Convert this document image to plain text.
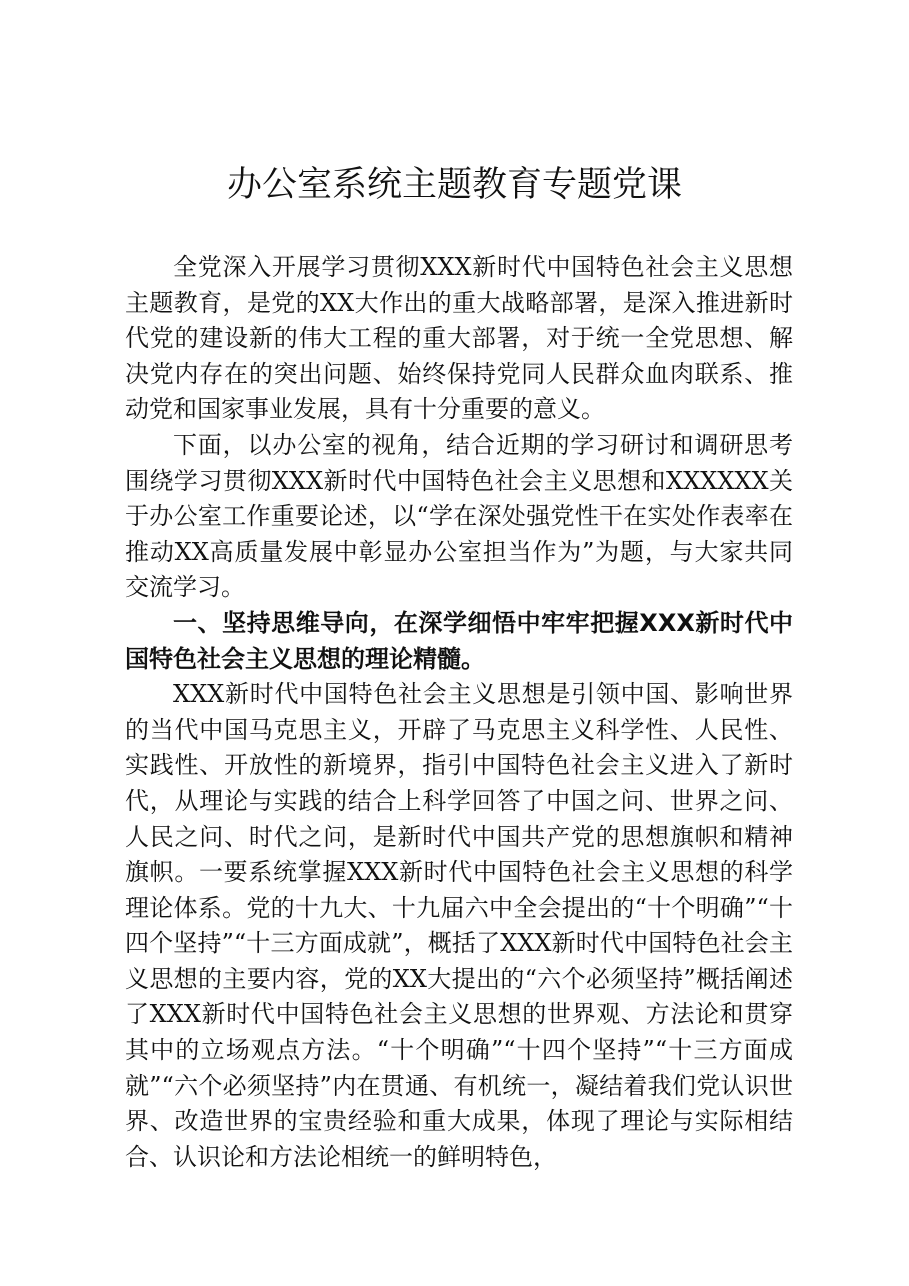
办公室系统主题教育专题党课

全党深入开展学习贯彻XXX新时代中国特色社会主义思想主题教育，是党的XX大作出的重大战略部署，是深入推进新时代党的建设新的伟大工程的重大部署，对于统一全党思想、解决党内存在的突出问题、始终保持党同人民群众血肉联系、推动党和国家事业发展，具有十分重要的意义。

下面，以办公室的视角，结合近期的学习研讨和调研思考围绕学习贯彻XXX新时代中国特色社会主义思想和XXXXXX关于办公室工作重要论述，以“学在深处强党性干在实处作表率在推动XX高质量发展中彰显办公室担当作为”为题，与大家共同交流学习。

一、坚持思维导向，在深学细悟中牢牢把握XXX新时代中国特色社会主义思想的理论精髓。

XXX新时代中国特色社会主义思想是引领中国、影响世界的当代中国马克思主义，开辟了马克思主义科学性、人民性、实践性、开放性的新境界，指引中国特色社会主义进入了新时代，从理论与实践的结合上科学回答了中国之问、世界之问、人民之问、时代之问，是新时代中国共产党的思想旗帜和精神旗帜。一要系统掌握XXX新时代中国特色社会主义思想的科学理论体系。党的十九大、十九届六中全会提出的“十个明确”“十四个坚持”“十三方面成就”，概括了XXX新时代中国特色社会主义思想的主要内容，党的XX大提出的“六个必须坚持”概括阐述了XXX新时代中国特色社会主义思想的世界观、方法论和贯穿其中的立场观点方法。“十个明确”“十四个坚持”“十三方面成就”“六个必须坚持”内在贯通、有机统一，凝结着我们党认识世界、改造世界的宝贵经验和重大成果，体现了理论与实际相结合、认识论和方法论相统一的鲜明特色，
